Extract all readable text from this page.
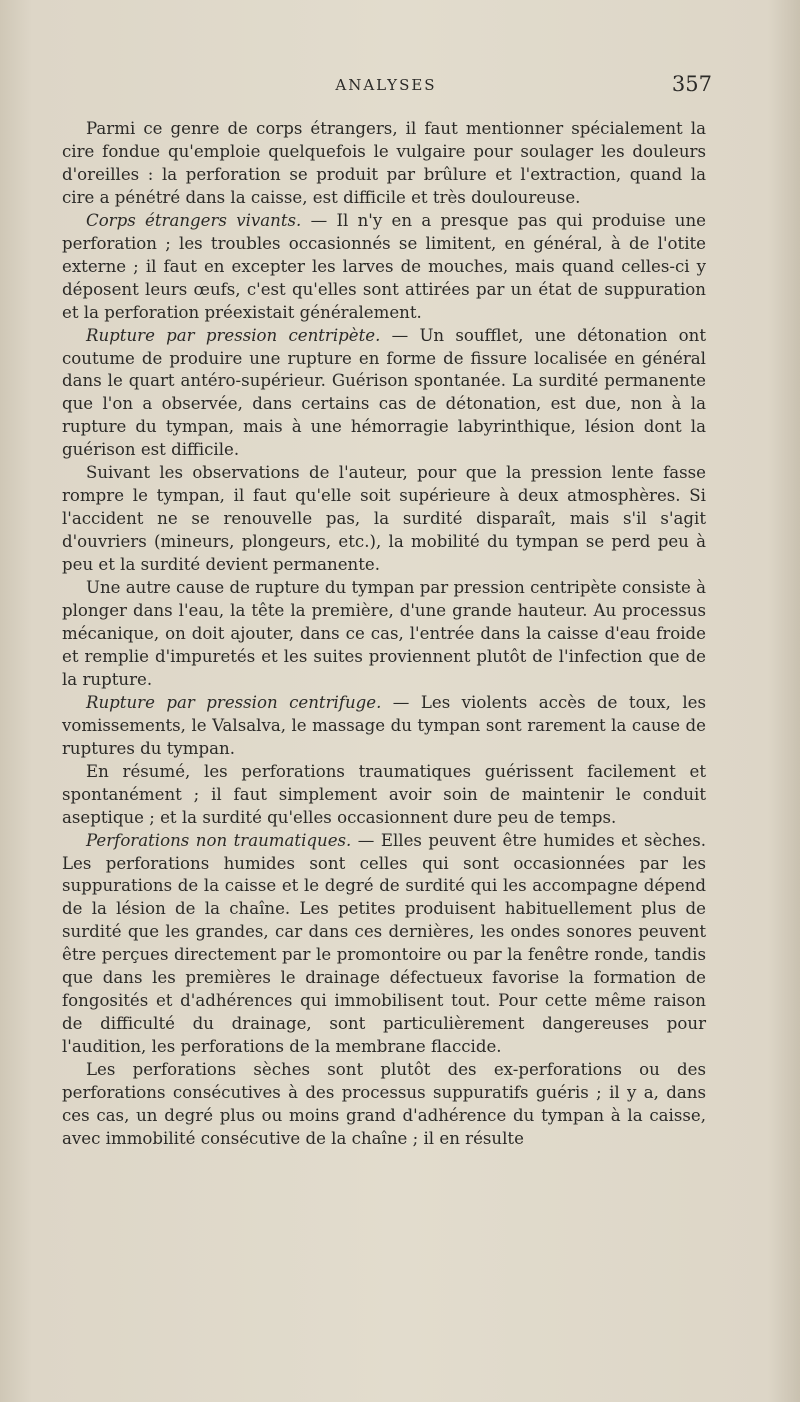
ANALYSES	357

Parmi ce genre de corps étrangers, il faut mentionner spécialement la cire fondue qu'emploie quelquefois le vulgaire pour soulager les douleurs d'oreilles : la perforation se produit par brûlure et l'extraction, quand la cire a pénétré dans la caisse, est difficile et très douloureuse.

Corps étrangers vivants. — Il n'y en a presque pas qui produise une perforation ; les troubles occasionnés se limitent, en général, à de l'otite externe ; il faut en excepter les larves de mouches, mais quand celles-ci y déposent leurs œufs, c'est qu'elles sont attirées par un état de suppuration et la perforation préexistait généralement.

Rupture par pression centripète. — Un soufflet, une détonation ont coutume de produire une rupture en forme de fissure localisée en général dans le quart antéro-supérieur. Guérison spontanée. La surdité permanente que l'on a observée, dans certains cas de détonation, est due, non à la rupture du tympan, mais à une hémorragie labyrinthique, lésion dont la guérison est difficile.

Suivant les observations de l'auteur, pour que la pression lente fasse rompre le tympan, il faut qu'elle soit supérieure à deux atmosphères. Si l'accident ne se renouvelle pas, la surdité disparaît, mais s'il s'agit d'ouvriers (mineurs, plongeurs, etc.), la mobilité du tympan se perd peu à peu et la surdité devient permanente.

Une autre cause de rupture du tympan par pression centripète consiste à plonger dans l'eau, la tête la première, d'une grande hauteur. Au processus mécanique, on doit ajouter, dans ce cas, l'entrée dans la caisse d'eau froide et remplie d'impuretés et les suites proviennent plutôt de l'infection que de la rupture.

Rupture par pression centrifuge. — Les violents accès de toux, les vomissements, le Valsalva, le massage du tympan sont rarement la cause de ruptures du tympan.

En résumé, les perforations traumatiques guérissent facilement et spontanément ; il faut simplement avoir soin de maintenir le conduit aseptique ; et la surdité qu'elles occasionnent dure peu de temps.

Perforations non traumatiques. — Elles peuvent être humides et sèches. Les perforations humides sont celles qui sont occasionnées par les suppurations de la caisse et le degré de surdité qui les accompagne dépend de la lésion de la chaîne. Les petites produisent habituellement plus de surdité que les grandes, car dans ces dernières, les ondes sonores peuvent être perçues directement par le promontoire ou par la fenêtre ronde, tandis que dans les premières le drainage défectueux favorise la formation de fongosités et d'adhérences qui immobilisent tout. Pour cette même raison de difficulté du drainage, sont particulièrement dangereuses pour l'audition, les perforations de la membrane flaccide.

Les perforations sèches sont plutôt des ex-perforations ou des perforations consécutives à des processus suppuratifs guéris ; il y a, dans ces cas, un degré plus ou moins grand d'adhérence du tympan à la caisse, avec immobilité consécutive de la chaîne ; il en résulte
